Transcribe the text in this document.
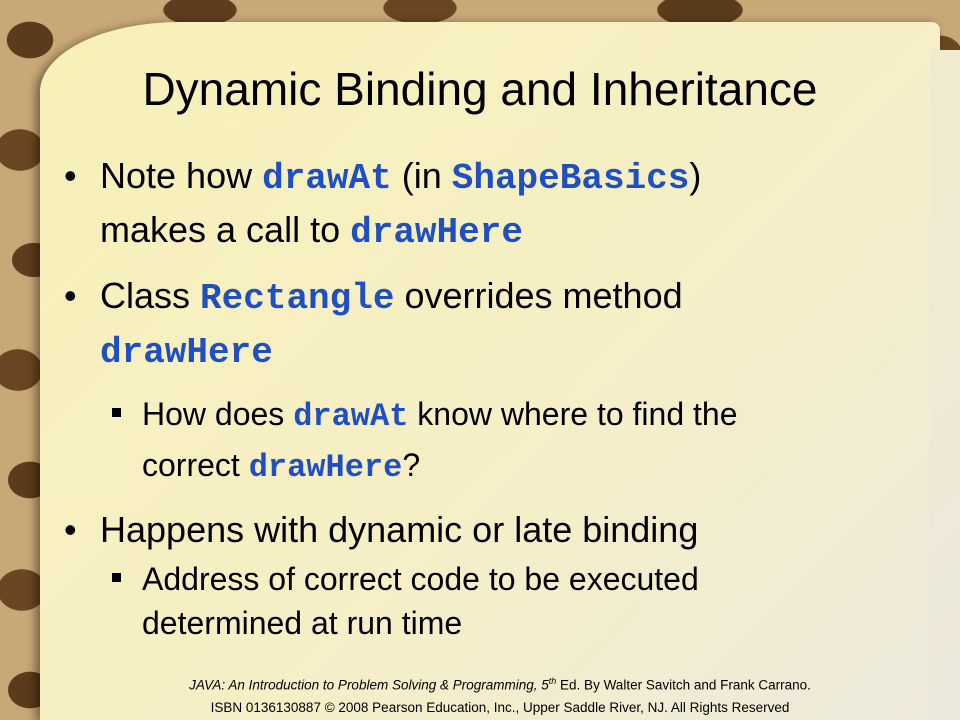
Dynamic Binding and Inheritance
• Note how drawAt (in ShapeBasics)
makes a call to drawHere
• Class Rectangle overrides method
drawHere
How does drawAt know where to find the
correct drawHere?
• Happens with dynamic or late binding
Address of correct code to be executed
determined at run time
JAVA: An Introduction to Problem Solving & Programming, 5th Ed. By Walter Savitch and Frank Carrano.
ISBN 0136130887 © 2008 Pearson Education, Inc., Upper Saddle River, NJ. All Rights Reserved
